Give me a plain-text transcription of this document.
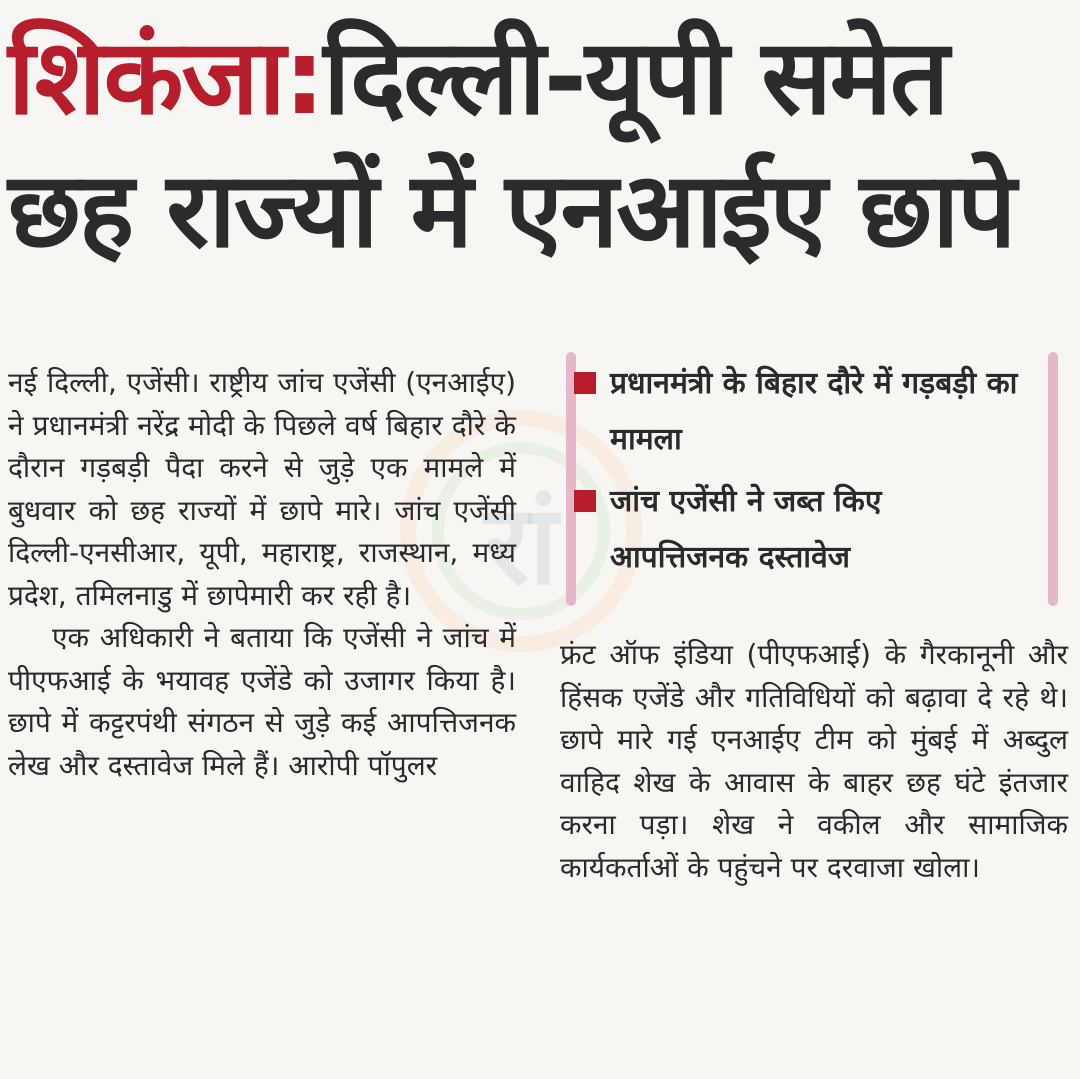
शिकंजा:दिल्ली-यूपी समेत
छह राज्यों में एनआईए छापे
रां

नई दिल्ली, एजेंसी। राष्ट्रीय जांच एजेंसी (एनआईए) ने प्रधानमंत्री नरेंद्र मोदी के पिछले वर्ष बिहार दौरे के दौरान गड़बड़ी पैदा करने से जुड़े एक मामले में बुधवार को छह राज्यों में छापे मारे। जांच एजेंसी दिल्ली-एनसीआर, यूपी, महाराष्ट्र, राजस्थान, मध्य प्रदेश, तमिलनाडु में छापेमारी कर रही है।

एक अधिकारी ने बताया कि एजेंसी ने जांच में पीएफआई के भयावह एजेंडे को उजागर किया है। छापे में कट्टरपंथी संगठन से जुड़े कई आपत्तिजनक लेख और दस्तावेज मिले हैं। आरोपी पॉपुलर

प्रधानमंत्री के बिहार दौरे में गड़बड़ी का मामला
जांच एजेंसी ने जब्त किए आपत्तिजनक दस्तावेज

फ्रंट ऑफ इंडिया (पीएफआई) के गैरकानूनी और हिंसक एजेंडे और गतिविधियों को बढ़ावा दे रहे थे। छापे मारे गई एनआईए टीम को मुंबई में अब्दुल वाहिद शेख के आवास के बाहर छह घंटे इंतजार करना पड़ा। शेख ने वकील और सामाजिक कार्यकर्ताओं के पहुंचने पर दरवाजा खोला।
